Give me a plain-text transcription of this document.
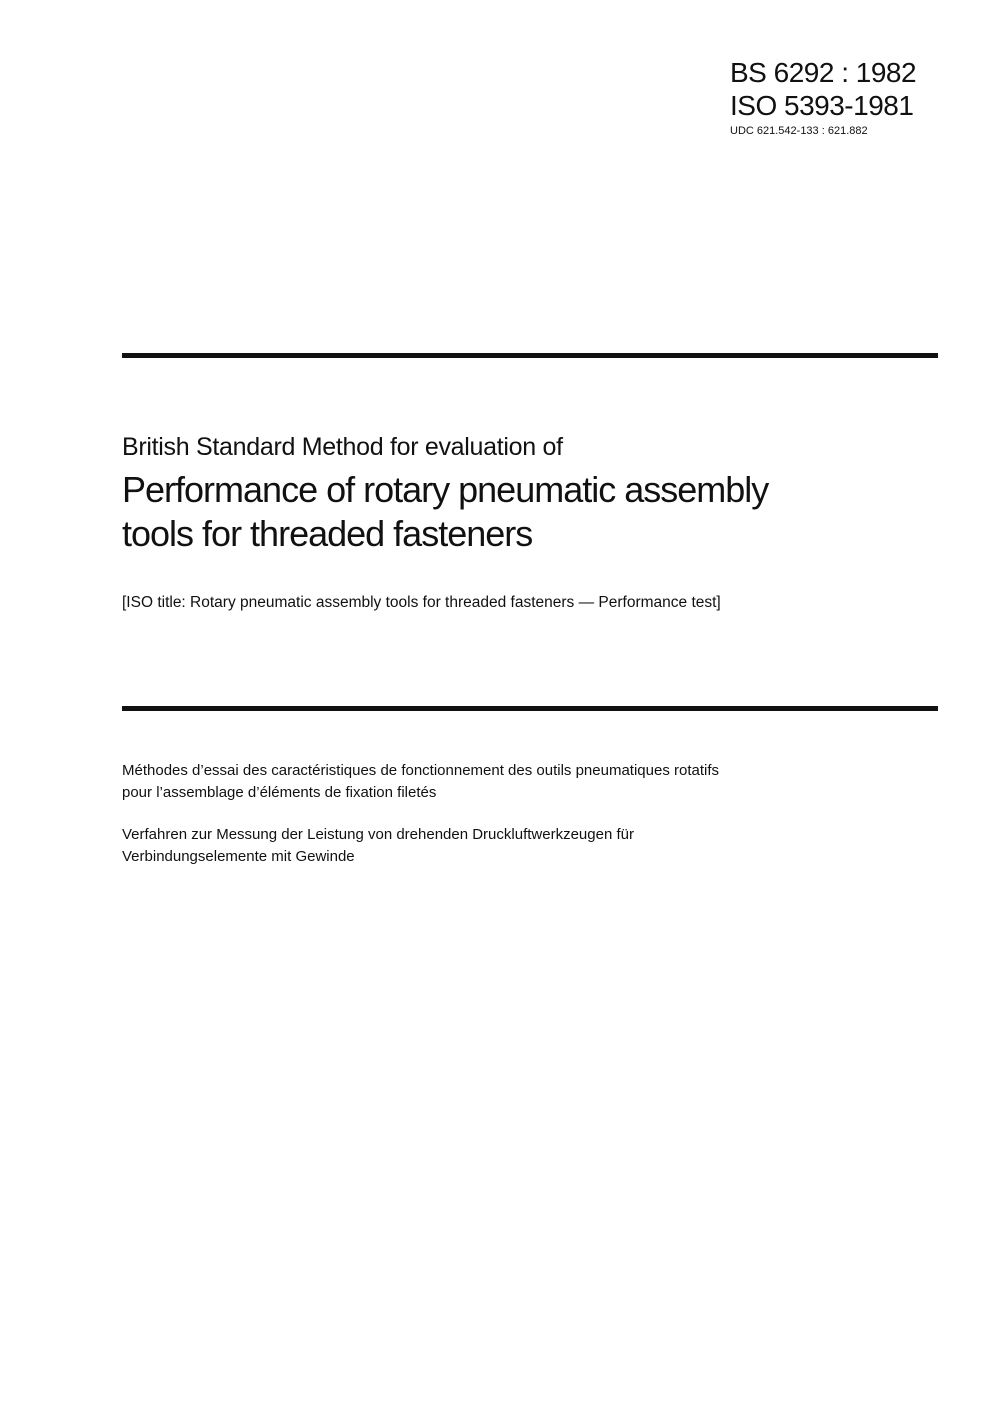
BS 6292 : 1982
ISO 5393-1981
UDC 621.542-133 : 621.882
British Standard Method for evaluation of
Performance of rotary pneumatic assembly
tools for threaded fasteners
[ISO title: Rotary pneumatic assembly tools for threaded fasteners — Performance test]

Méthodes d’essai des caractéristiques de fonctionnement des outils pneumatiques rotatifs
pour l’assemblage d’éléments de fixation filetés

Verfahren zur Messung der Leistung von drehenden Druckluftwerkzeugen für
Verbindungselemente mit Gewinde
